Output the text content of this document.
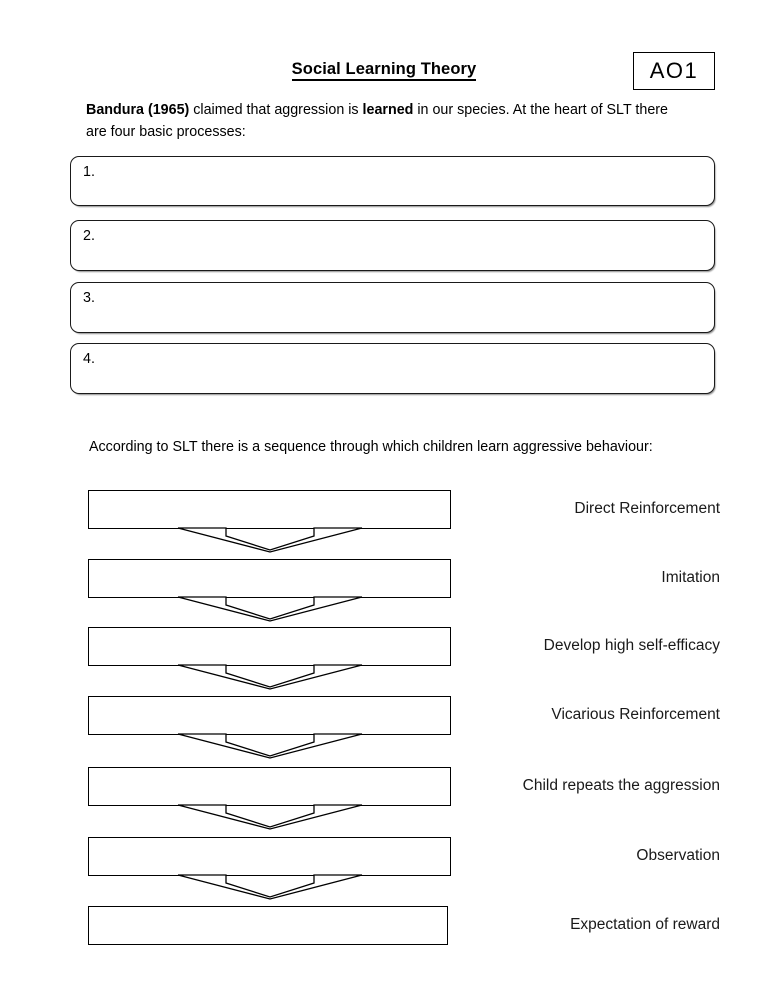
Social Learning Theory	AO1
Bandura (1965) claimed that aggression is learned in our species. At the heart of SLT there are four basic processes:
1.
2.
3.
4.
According to SLT there is a sequence through which children learn aggressive behaviour:
Direct Reinforcement
Imitation
Develop high self-efficacy
Vicarious Reinforcement
Child repeats the aggression
Observation
Expectation of reward
